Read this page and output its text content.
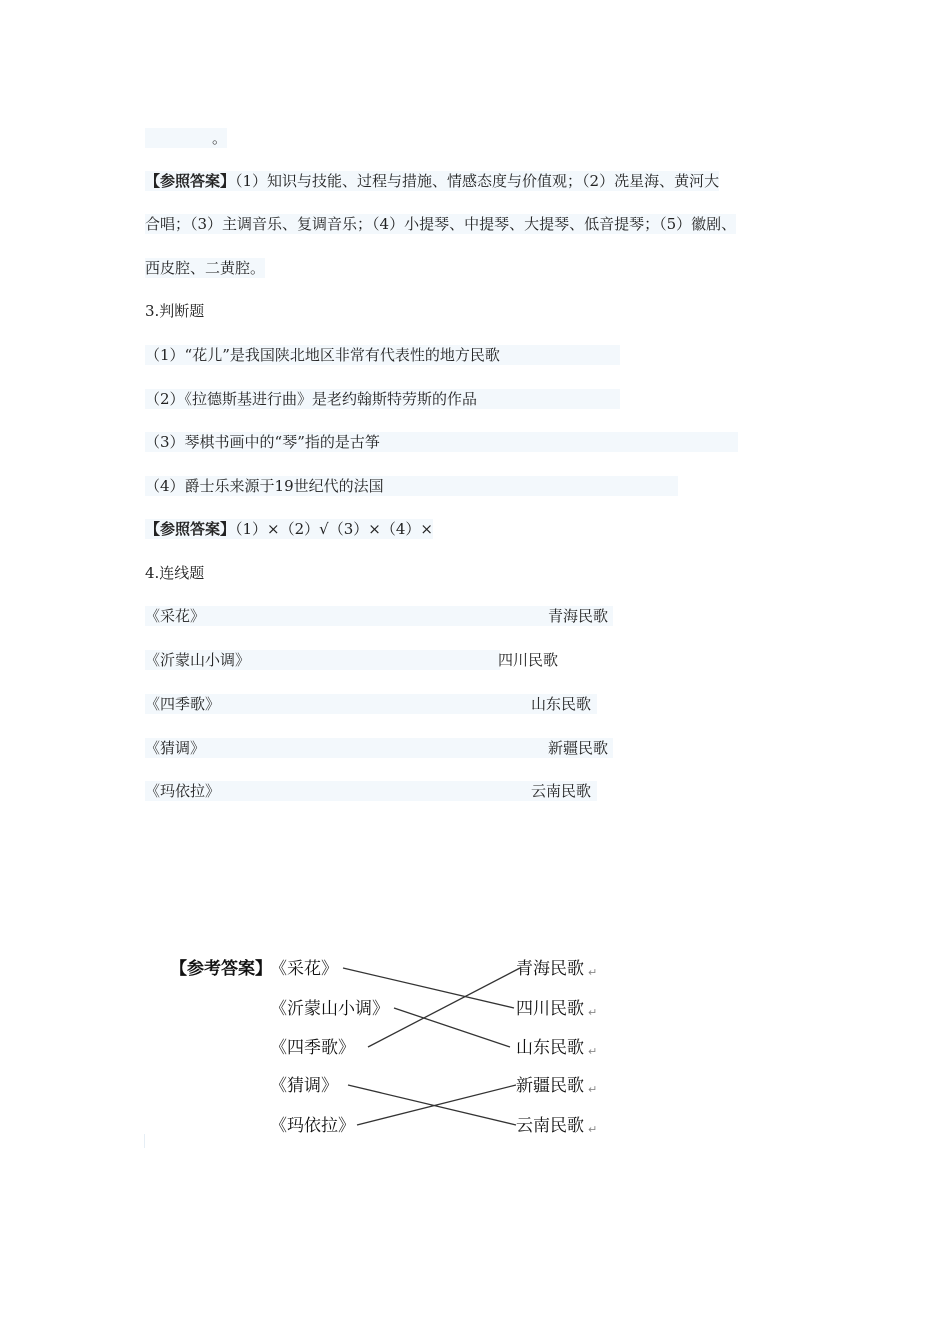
。
【参照答案】（1）知识与技能、过程与措施、情感态度与价值观；（2）冼星海、黄河大
合唱；（3）主调音乐、复调音乐；（4）小提琴、中提琴、大提琴、低音提琴；（5）徽剧、
西皮腔、二黄腔。
3.判断题
（1）“花儿”是我国陕北地区非常有代表性的地方民歌
（2）《拉德斯基进行曲》是老约翰斯特劳斯的作品
（3）琴棋书画中的“琴”指的是古筝
（4）爵士乐来源于19世纪代的法国
【参照答案】（1）×（2）√（3）×（4）×
4.连线题
《采花》	青海民歌
《沂蒙山小调》	四川民歌
《四季歌》	山东民歌
《猜调》	新疆民歌
《玛依拉》	云南民歌
【参考答案】
《采花》
《沂蒙山小调》
《四季歌》
《猜调》
《玛依拉》
青海民歌
四川民歌
山东民歌
新疆民歌
云南民歌
↵
↵
↵
↵
↵
